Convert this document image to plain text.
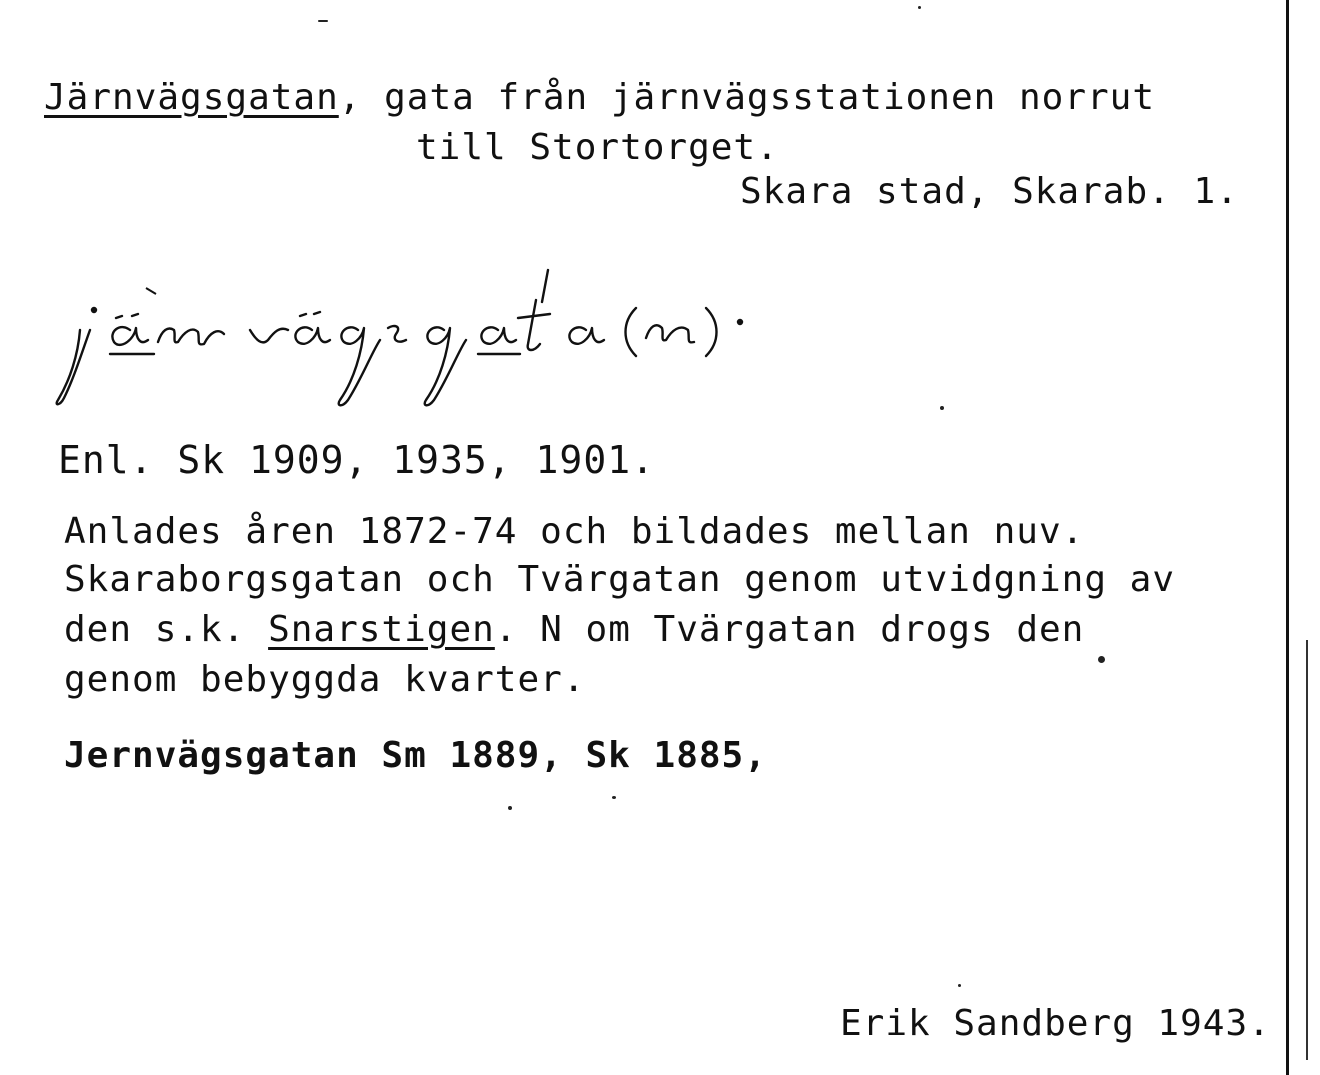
Järnvägsgatan, gata från järnvägsstationen norrut
till Stortorget.
Skara stad, Skarab. 1.
Enl. Sk 1909, 1935, 1901.
Anlades åren 1872-74 och bildades mellan nuv.
Skaraborgsgatan och Tvärgatan genom utvidgning av
den s.k. Snarstigen. N om Tvärgatan drogs den
genom bebyggda kvarter.
Jernvägsgatan Sm 1889, Sk 1885,
Erik Sandberg 1943.
